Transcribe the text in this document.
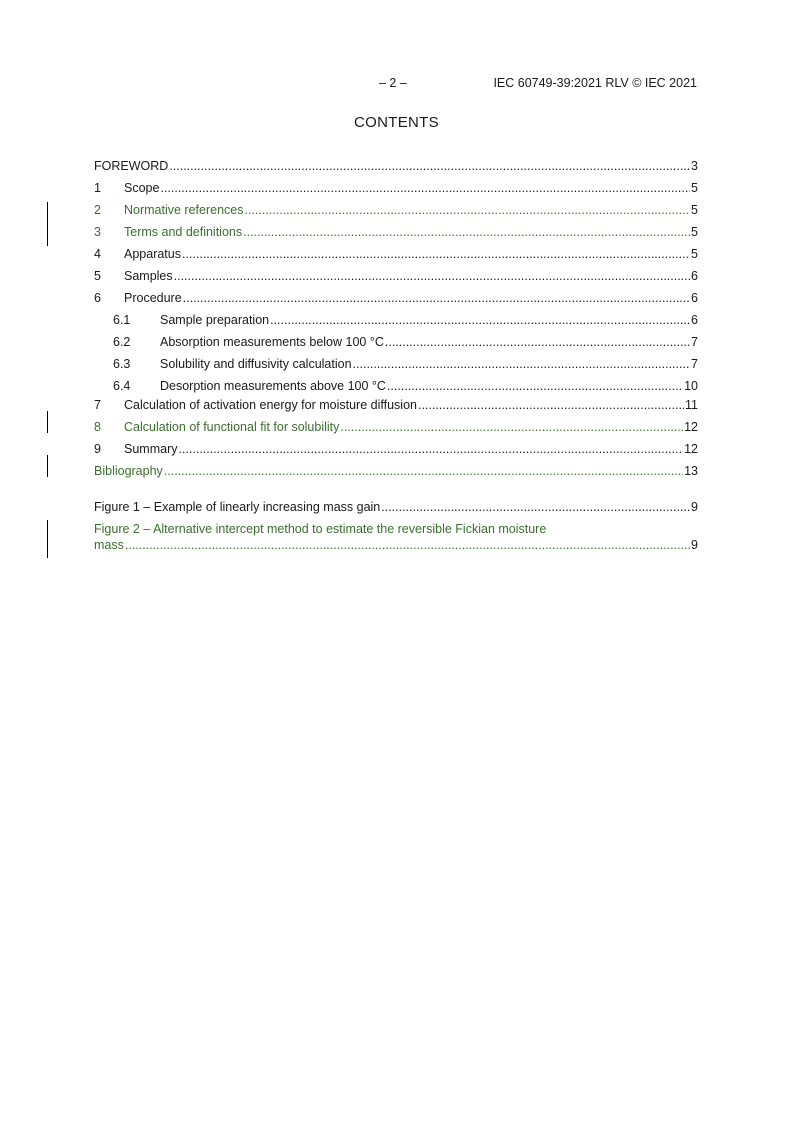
– 2 –	IEC 60749-39:2021 RLV © IEC 2021
CONTENTS
FOREWORD .....	3
1 Scope .....	5
2 Normative references .....	5
3 Terms and definitions .....	5
4 Apparatus .....	5
5 Samples .....	6
6 Procedure .....	6
6.1 Sample preparation .....	6
6.2 Absorption measurements below 100 °C .....	7
6.3 Solubility and diffusivity calculation .....	7
6.4 Desorption measurements above 100 °C .....	10
7 Calculation of activation energy for moisture diffusion .....	11
8 Calculation of functional fit for solubility .....	12
9 Summary .....	12
Bibliography .....	13
Figure 1 – Example of linearly increasing mass gain .....	9
Figure 2 – Alternative intercept method to estimate the reversible Fickian moisture
mass .....	9
